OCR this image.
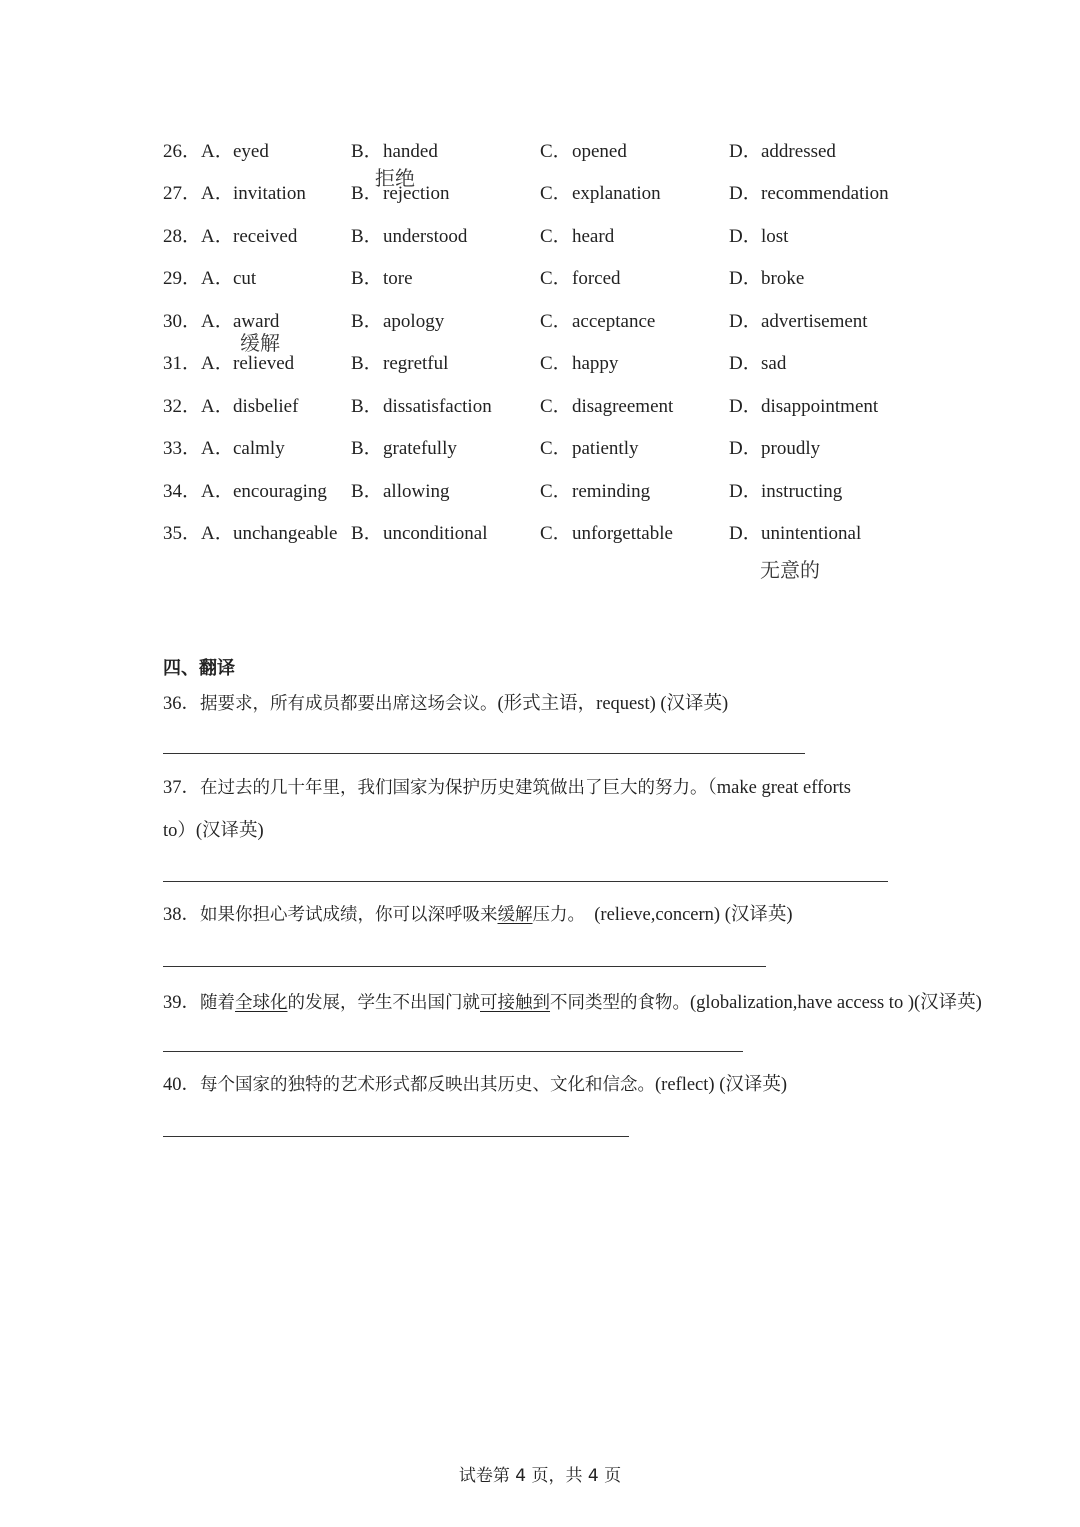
26． A．eyed	B．handed	C．opened	D．addressed
拒绝
27． A．invitation B．rejection	C．explanation	D．recommendation
28． A．received	B．understood	C．heard	D．lost
29． A．cut	B．tore	C．forced	D．broke
30． A．award	B．apology	C．acceptance	D．advertisement
缓解
31． A．relieved	B．regretful	C．happy	D．sad
32． A．disbelief	B．dissatisfaction	C．disagreement	D．disappointment
33． A．calmly	B．gratefully	C．patiently	D．proudly
34． A．encouraging B．allowing	C．reminding	D．instructing
35． A．unchangeable B．unconditional	C．unforgettable	D．unintentional
无意的
四、翻译
36．据要求，所有成员都要出席这场会议。(形式主语，request) (汉译英)
37．在过去的几十年里，我们国家为保护历史建筑做出了巨大的努力。（make great efforts
to）(汉译英)
38．如果你担心考试成绩，你可以深呼吸来缓解压力。 (relieve,concern) (汉译英)
39．随着全球化的发展，学生不出国门就可接触到不同类型的食物。(globalization,have access to )(汉译英)
40．每个国家的独特的艺术形式都反映出其历史、文化和信念。(reflect) (汉译英)
试卷第 4 页，共 4 页
